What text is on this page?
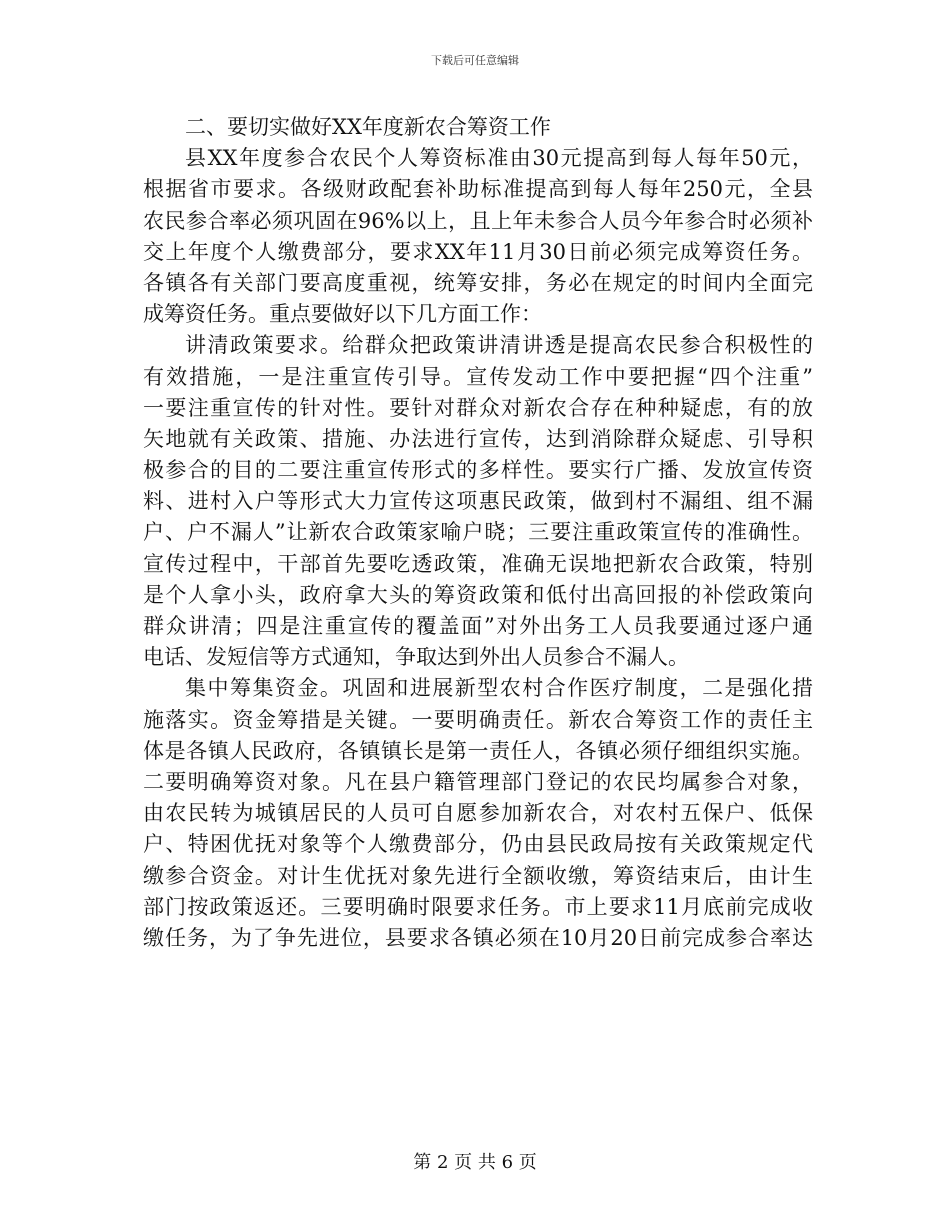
下载后可任意编辑
二、要切实做好XX年度新农合筹资工作
县XX年度参合农民个人筹资标准由30元提高到每人每年50元，
根据省市要求。各级财政配套补助标准提高到每人每年250元，全县
农民参合率必须巩固在96%以上，且上年未参合人员今年参合时必须补
交上年度个人缴费部分，要求XX年11月30日前必须完成筹资任务。
各镇各有关部门要高度重视，统筹安排，务必在规定的时间内全面完
成筹资任务。重点要做好以下几方面工作：
讲清政策要求。给群众把政策讲清讲透是提高农民参合积极性的
有效措施，一是注重宣传引导。宣传发动工作中要把握“四个注重”
一要注重宣传的针对性。要针对群众对新农合存在种种疑虑，有的放
矢地就有关政策、措施、办法进行宣传，达到消除群众疑虑、引导积
极参合的目的二要注重宣传形式的多样性。要实行广播、发放宣传资
料、进村入户等形式大力宣传这项惠民政策，做到村不漏组、组不漏
户、户不漏人”让新农合政策家喻户晓；三要注重政策宣传的准确性。
宣传过程中，干部首先要吃透政策，准确无误地把新农合政策，特别
是个人拿小头，政府拿大头的筹资政策和低付出高回报的补偿政策向
群众讲清；四是注重宣传的覆盖面”对外出务工人员我要通过逐户通
电话、发短信等方式通知，争取达到外出人员参合不漏人。
集中筹集资金。巩固和进展新型农村合作医疗制度，二是强化措
施落实。资金筹措是关键。一要明确责任。新农合筹资工作的责任主
体是各镇人民政府，各镇镇长是第一责任人，各镇必须仔细组织实施。
二要明确筹资对象。凡在县户籍管理部门登记的农民均属参合对象，
由农民转为城镇居民的人员可自愿参加新农合，对农村五保户、低保
户、特困优抚对象等个人缴费部分，仍由县民政局按有关政策规定代
缴参合资金。对计生优抚对象先进行全额收缴，筹资结束后，由计生
部门按政策返还。三要明确时限要求任务。市上要求11月底前完成收
缴任务，为了争先进位，县要求各镇必须在10月20日前完成参合率达
第 2 页 共 6 页
